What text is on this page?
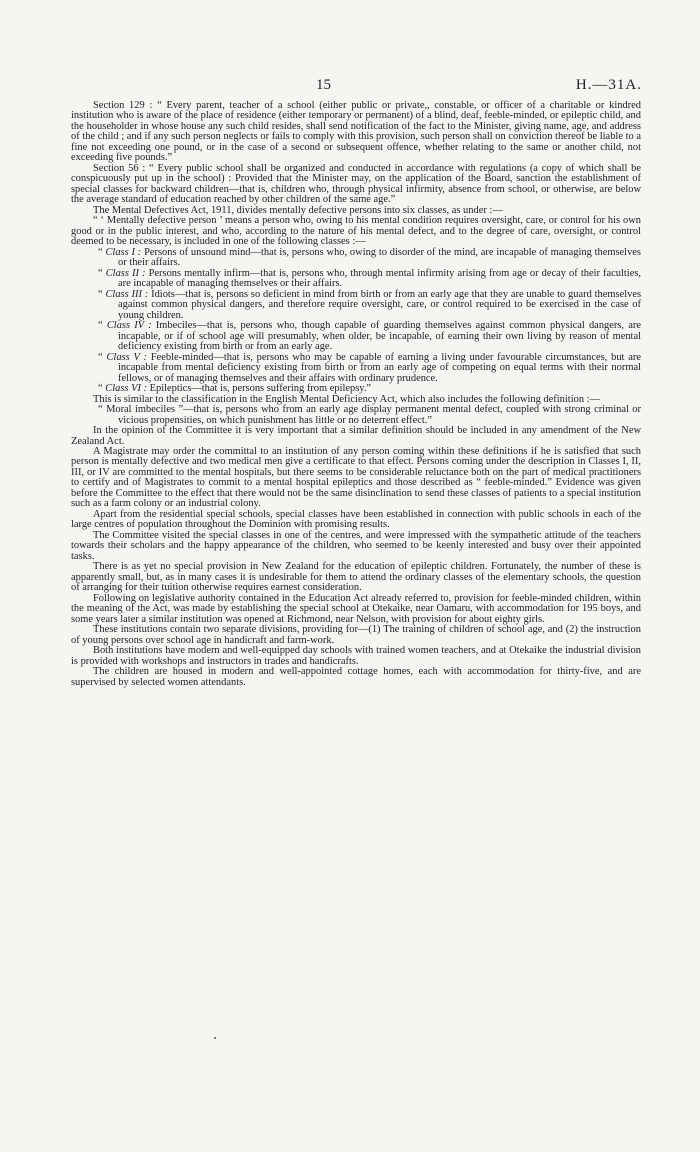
15	H.—31A.

Section 129 : “ Every parent, teacher of a school (either public or private,, constable, or officer of a charitable or kindred institution who is aware of the place of residence (either temporary or permanent) of a blind, deaf, feeble-minded, or epileptic child, and the householder in whose house any such child resides, shall send notification of the fact to the Minister, giving name, age, and address of the child ; and if any such person neglects or fails to comply with this provision, such person shall on conviction thereof be liable to a fine not exceeding one pound, or in the case of a second or subsequent offence, whether relating to the same or another child, not exceeding five pounds.”

Section 56 : “ Every public school shall be organized and conducted in accordance with regulations (a copy of which shall be conspicuously put up in the school) : Provided that the Minister may, on the application of the Board, sanction the establishment of special classes for backward children—that is, children who, through physical infirmity, absence from school, or otherwise, are below the average standard of education reached by other children of the same age.”

The Mental Defectives Act, 1911, divides mentally defective persons into six classes, as under :—

“ ‘ Mentally defective person ’ means a person who, owing to his mental condition requires oversight, care, or control for his own good or in the public interest, and who, according to the nature of his mental defect, and to the degree of care, oversight, or control deemed to be necessary, is included in one of the following classes :—

“ Class I : Persons of unsound mind—that is, persons who, owing to disorder of the mind, are incapable of managing themselves or their affairs.

“ Class II : Persons mentally infirm—that is, persons who, through mental infirmity arising from age or decay of their faculties, are incapable of managing themselves or their affairs.

“ Class III : Idiots—that is, persons so deficient in mind from birth or from an early age that they are unable to guard themselves against common physical dangers, and therefore require oversight, care, or control required to be exercised in the case of young children.

“ Class IV : Imbeciles—that is, persons who, though capable of guarding themselves against common physical dangers, are incapable, or if of school age will presumably, when older, be incapable, of earning their own living by reason of mental deficiency existing from birth or from an early age.

“ Class V : Feeble-minded—that is, persons who may be capable of earning a living under favourable circumstances, but are incapable from mental deficiency existing from birth or from an early age of competing on equal terms with their normal fellows, or of managing themselves and their affairs with ordinary prudence.

“ Class VI : Epileptics—that is, persons suffering from epilepsy.”

This is similar to the classification in the English Mental Deficiency Act, which also includes the following definition :—

“ Moral imbeciles ”—that is, persons who from an early age display permanent mental defect, coupled with strong criminal or vicious propensities, on which punishment has little or no deterrent effect.”

In the opinion of the Committee it is very important that a similar definition should be included in any amendment of the New Zealand Act.

A Magistrate may order the committal to an institution of any person coming within these definitions if he is satisfied that such person is mentally defective and two medical men give a certificate to that effect. Persons coming under the description in Classes I, II, III, or IV are committed to the mental hospitals, but there seems to be considerable reluctance both on the part of medical practitioners to certify and of Magistrates to commit to a mental hospital epileptics and those described as “ feeble-minded.” Evidence was given before the Committee to the effect that there would not be the same disinclination to send these classes of patients to a special institution such as a farm colony or an industrial colony.

Apart from the residential special schools, special classes have been established in connection with public schools in each of the large centres of population throughout the Dominion with promising results.

The Committee visited the special classes in one of the centres, and were impressed with the sympathetic attitude of the teachers towards their scholars and the happy appearance of the children, who seemed to be keenly interested and busy over their appointed tasks.

There is as yet no special provision in New Zealand for the education of epileptic children. Fortunately, the number of these is apparently small, but, as in many cases it is undesirable for them to attend the ordinary classes of the elementary schools, the question of arranging for their tuition otherwise requires earnest consideration.

Following on legislative authority contained in the Education Act already referred to, provision for feeble-minded children, within the meaning of the Act, was made by establishing the special school at Otekaike, near Oamaru, with accommodation for 195 boys, and some years later a similar institution was opened at Richmond, near Nelson, with provision for about eighty girls.

These institutions contain two separate divisions, providing for—(1) The training of children of school age, and (2) the instruction of young persons over school age in handicraft and farm-work.

Both institutions have modern and well-equipped day schools with trained women teachers, and at Otekaike the industrial division is provided with workshops and instructors in trades and handicrafts.

The children are housed in modern and well-appointed cottage homes, each with accommodation for thirty-five, and are supervised by selected women attendants.
